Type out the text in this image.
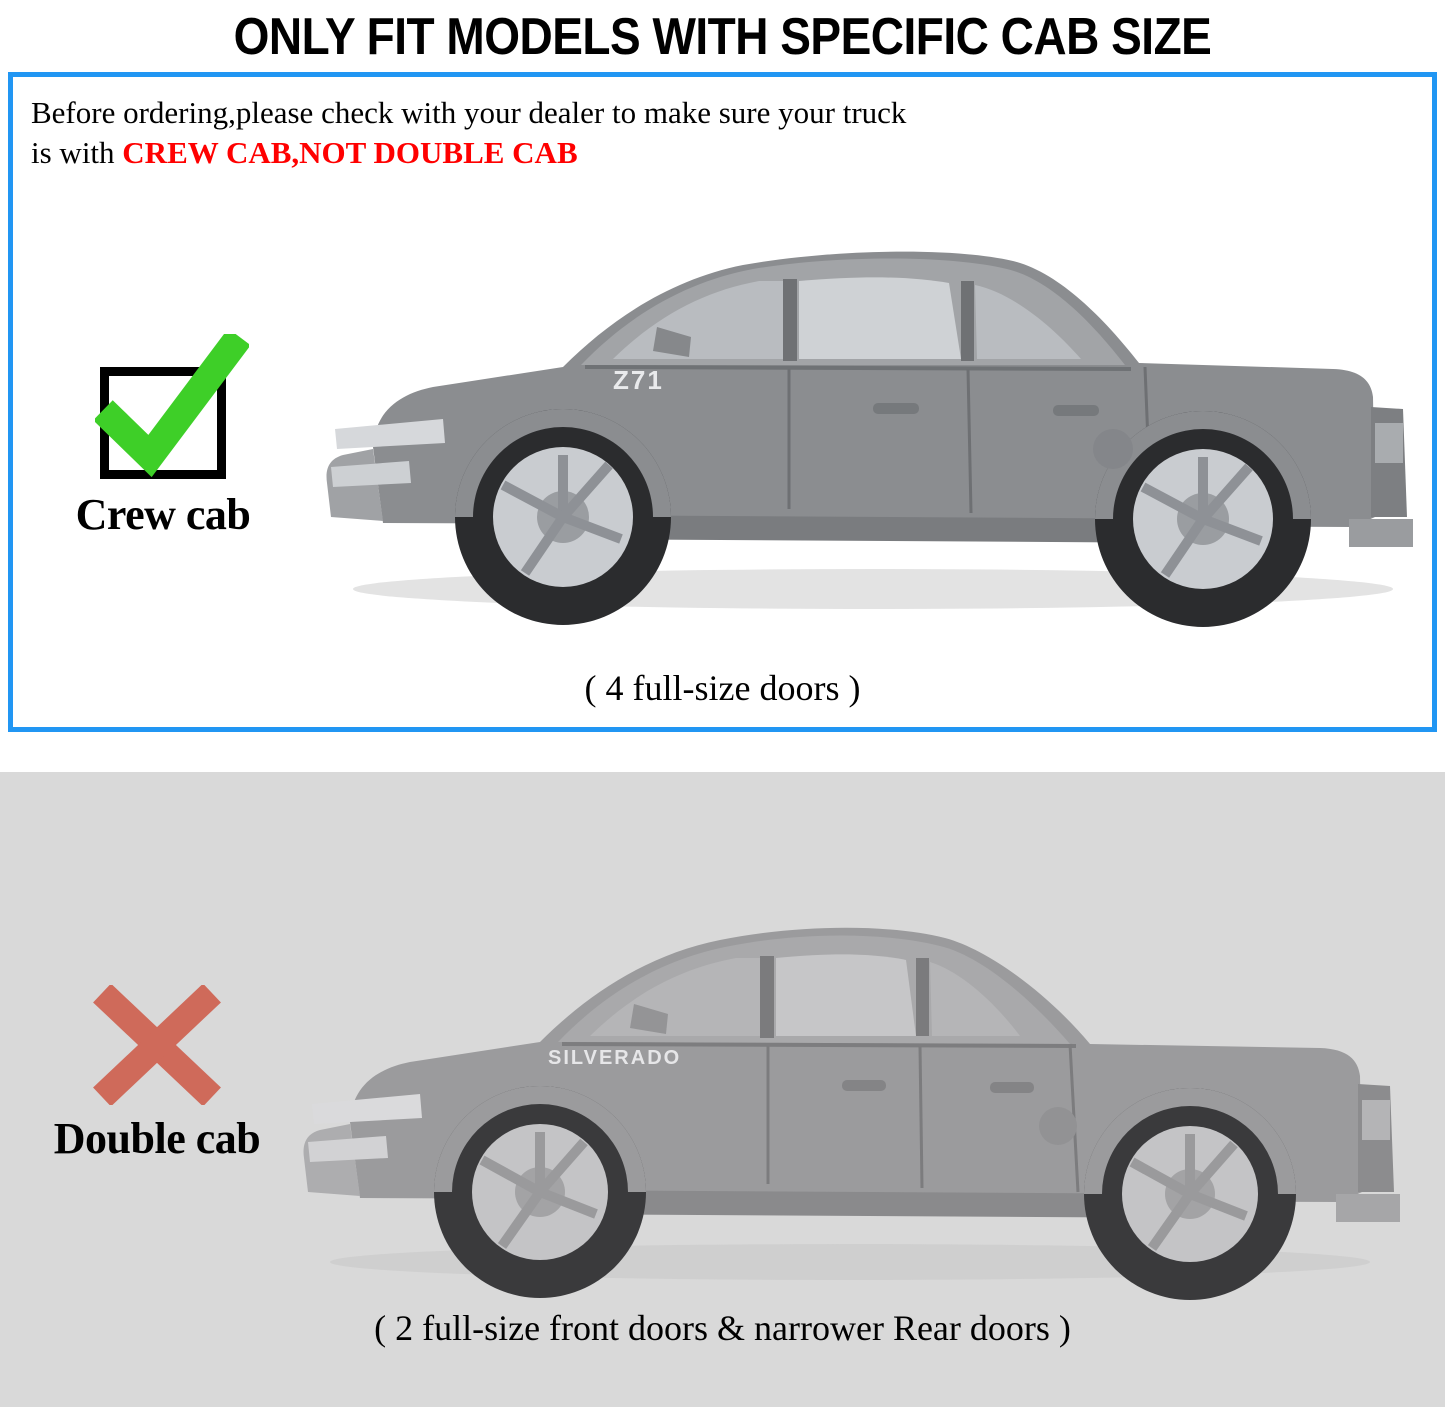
ONLY FIT MODELS WITH SPECIFIC CAB SIZE
Before ordering,please check with your dealer to make sure your truck
is with CREW CAB,NOT DOUBLE CAB
Z71
Crew cab
( 4 full-size doors )
SILVERADO
( 2 full-size front doors & narrower Rear doors )
Double cab
